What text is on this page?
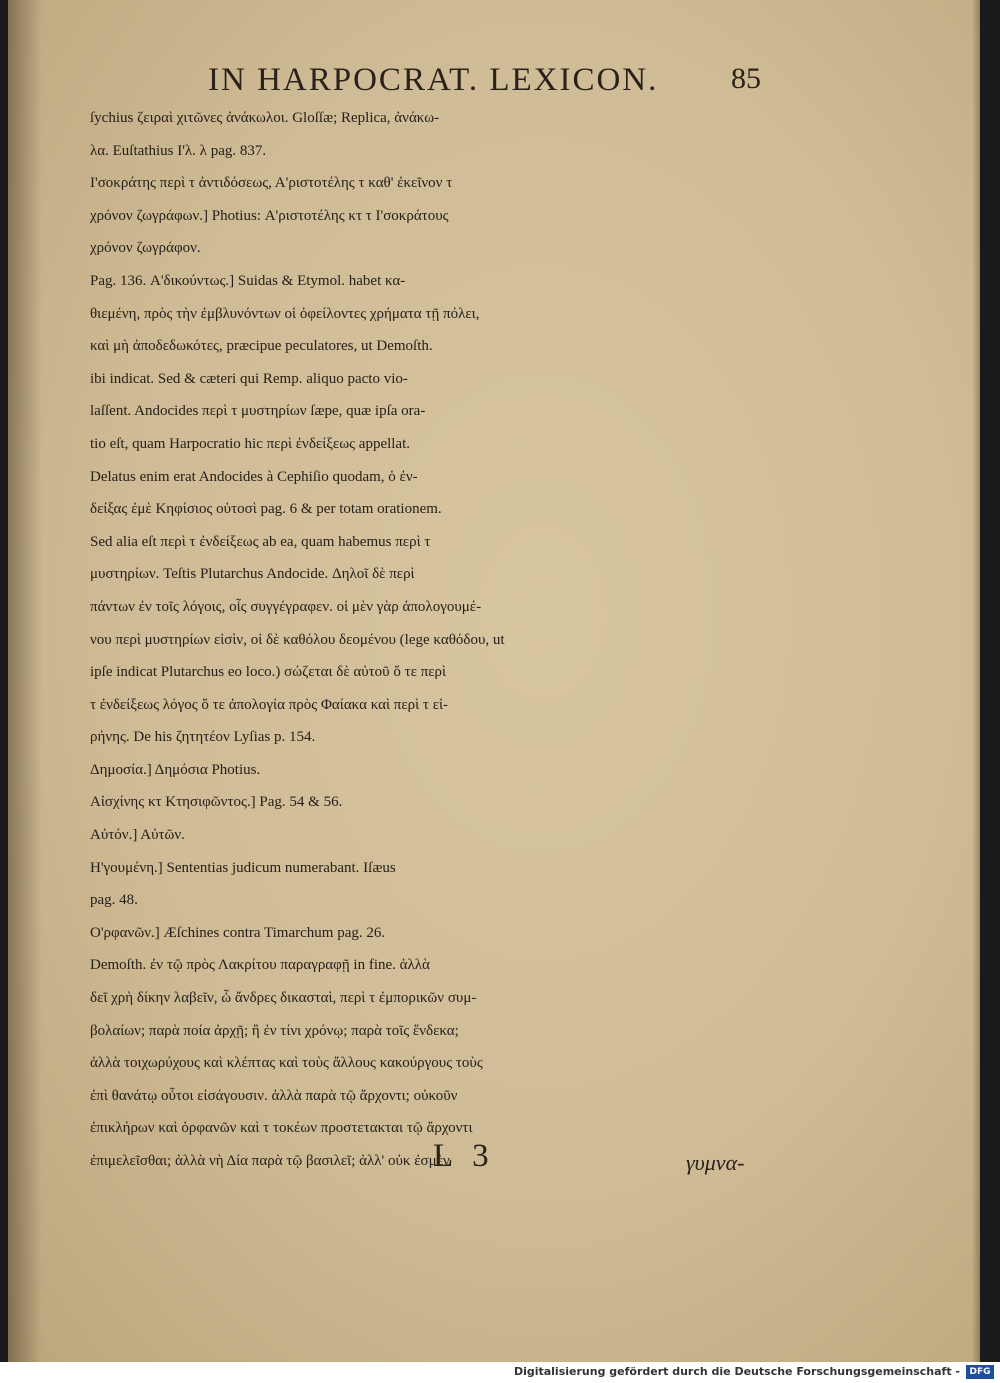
IN HARPOCRAT. LEXICON. 85
ſychius ζειραὶ χιτῶνες ἀνάκωλοι. Gloſſæ; Replica, ἀνάκω-
λα. Euſtathius Ι'λ. λ pag. 837.
Ι'σοκράτης περὶ τ ἀντιδόσεως, Α'ριστοτέλης τ καθ' ἐκεῖνον τ
χρόνον ζωγράφων.] Photius: Α'ριστοτέλης κτ τ Ι'σοκράτους
χρόνον ζωγράφον.
Pag. 136. Α'δικούντως.] Suidas & Etymol. habet κα-
θιεμένη, πρὸς τὴν ἐμβλυνόντων οἱ ὀφείλοντες χρήματα τῇ πόλει,
καὶ μὴ ἀποδεδωκότες, præcipue peculatores, ut Demoſth.
ibi indicat. Sed & cæteri qui Remp. aliquo pacto vio-
laſſent. Andocides περὶ τ μυστηρίων ſæpe, quæ ipſa ora-
tio eſt, quam Harpocratio hic περὶ ἐνδείξεως appellat.
Delatus enim erat Andocides à Cephiſio quodam, ὁ ἐν-
δείξας ἐμὲ Κηφίσιος οὑτοσὶ pag. 6 & per totam orationem.
Sed alia eſt περὶ τ ἐνδείξεως ab ea, quam habemus περὶ τ
μυστηρίων. Teſtis Plutarchus Andocide. Δηλοῖ δὲ περὶ
πάντων ἐν τοῖς λόγοις, οἷς συγγέγραφεν. οἱ μὲν γὰρ ἀπολογουμέ-
νου περὶ μυστηρίων εἰσὶν, οἱ δὲ καθόλου δεομένου (lege καθόδου, ut
ipſe indicat Plutarchus eo loco.) σώζεται δὲ αὐτοῦ ὅ τε περὶ
τ ἐνδείξεως λόγος ὅ τε ἀπολογία πρὸς Φαίακα καὶ περὶ τ εἰ-
ρήνης. De his ζητητέον Lyſias p. 154.
Δημοσία.] Δημόσια Photius.
Αἰσχίνης κτ Κτησιφῶντος.] Pag. 54 & 56.
Αὐτόν.] Αὐτῶν.
Η'γουμένη.] Sententias judicum numerabant. Iſæus
pag. 48.
Ο'ρφανῶν.] Æſchines contra Timarchum pag. 26.
Demoſth. ἐν τῷ πρὸς Λακρίτου παραγραφῇ in fine. ἀλλὰ
δεῖ χρὴ δίκην λαβεῖν, ὦ ἄνδρες δικασταὶ, περὶ τ ἐμπορικῶν συμ-
βολαίων; παρὰ ποία ἀρχῇ; ἢ ἐν τίνι χρόνῳ; παρὰ τοῖς ἕνδεκα;
ἀλλὰ τοιχωρύχους καὶ κλέπτας καὶ τοὺς ἄλλους κακούργους τοὺς
ἐπὶ θανάτῳ οὗτοι εἰσάγουσιν. ἀλλὰ παρὰ τῷ ἄρχοντι; οὐκοῦν
ἐπικλήρων καὶ ὀρφανῶν καὶ τ τοκέων προστετακται τῷ ἄρχοντι
ἐπιμελεῖσθαι; ἀλλὰ νὴ Δία παρὰ τῷ βασιλεῖ; ἀλλ' οὐκ ἐσμὲν
L 3	γυμνα-
Digitalisierung gefördert durch die Deutsche Forschungsgemeinschaft -	DFG
